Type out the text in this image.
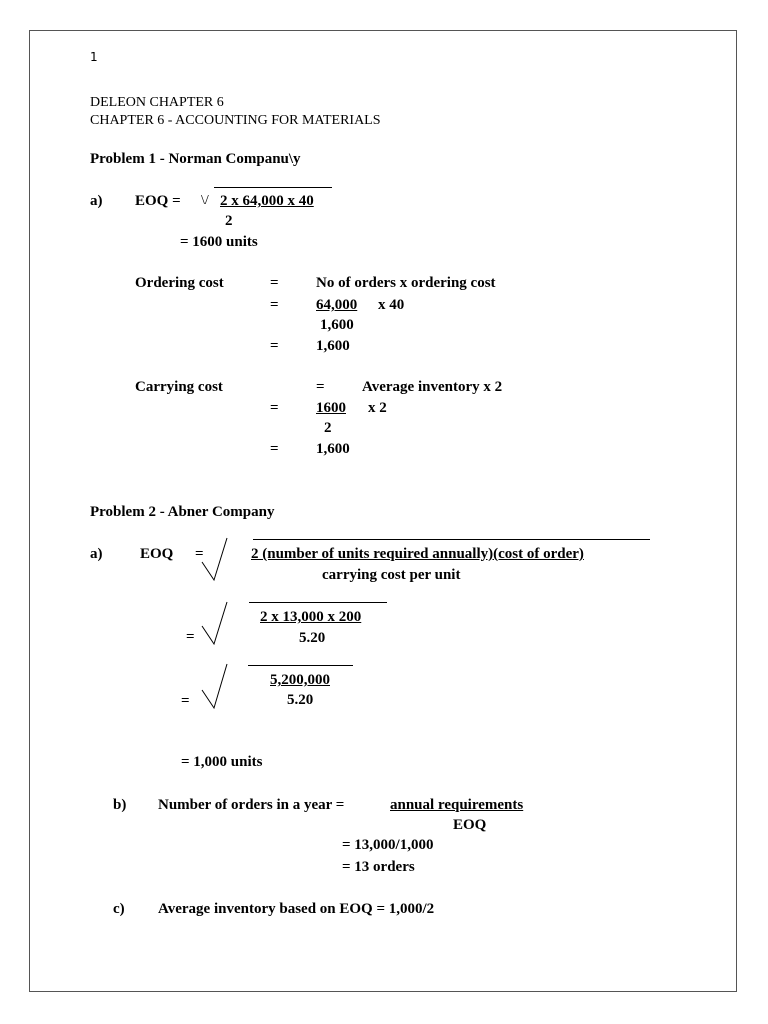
1
DELEON CHAPTER 6
CHAPTER 6 - ACCOUNTING FOR MATERIALS
Problem 1 - Norman Companu\y
a) EOQ = \/ 2 x 64,000 x 40
2
= 1600 units
Ordering cost	= No of orders x ordering cost
= 64,000 x 40
1,600
= 1,600
Carrying cost	= Average inventory x 2
= 1600 x 2
2
= 1,600
Problem 2 - Abner Company
a)	EOQ =	2 (number of units required annually)(cost of order)
carrying cost per unit
=
2 x 13,000 x 200
5.20
=
5,200,000
5.20
= 1,000 units
b) Number of orders in a year =	annual requirements
EOQ
= 13,000/1,000
= 13 orders
c) Average inventory based on EOQ = 1,000/2
